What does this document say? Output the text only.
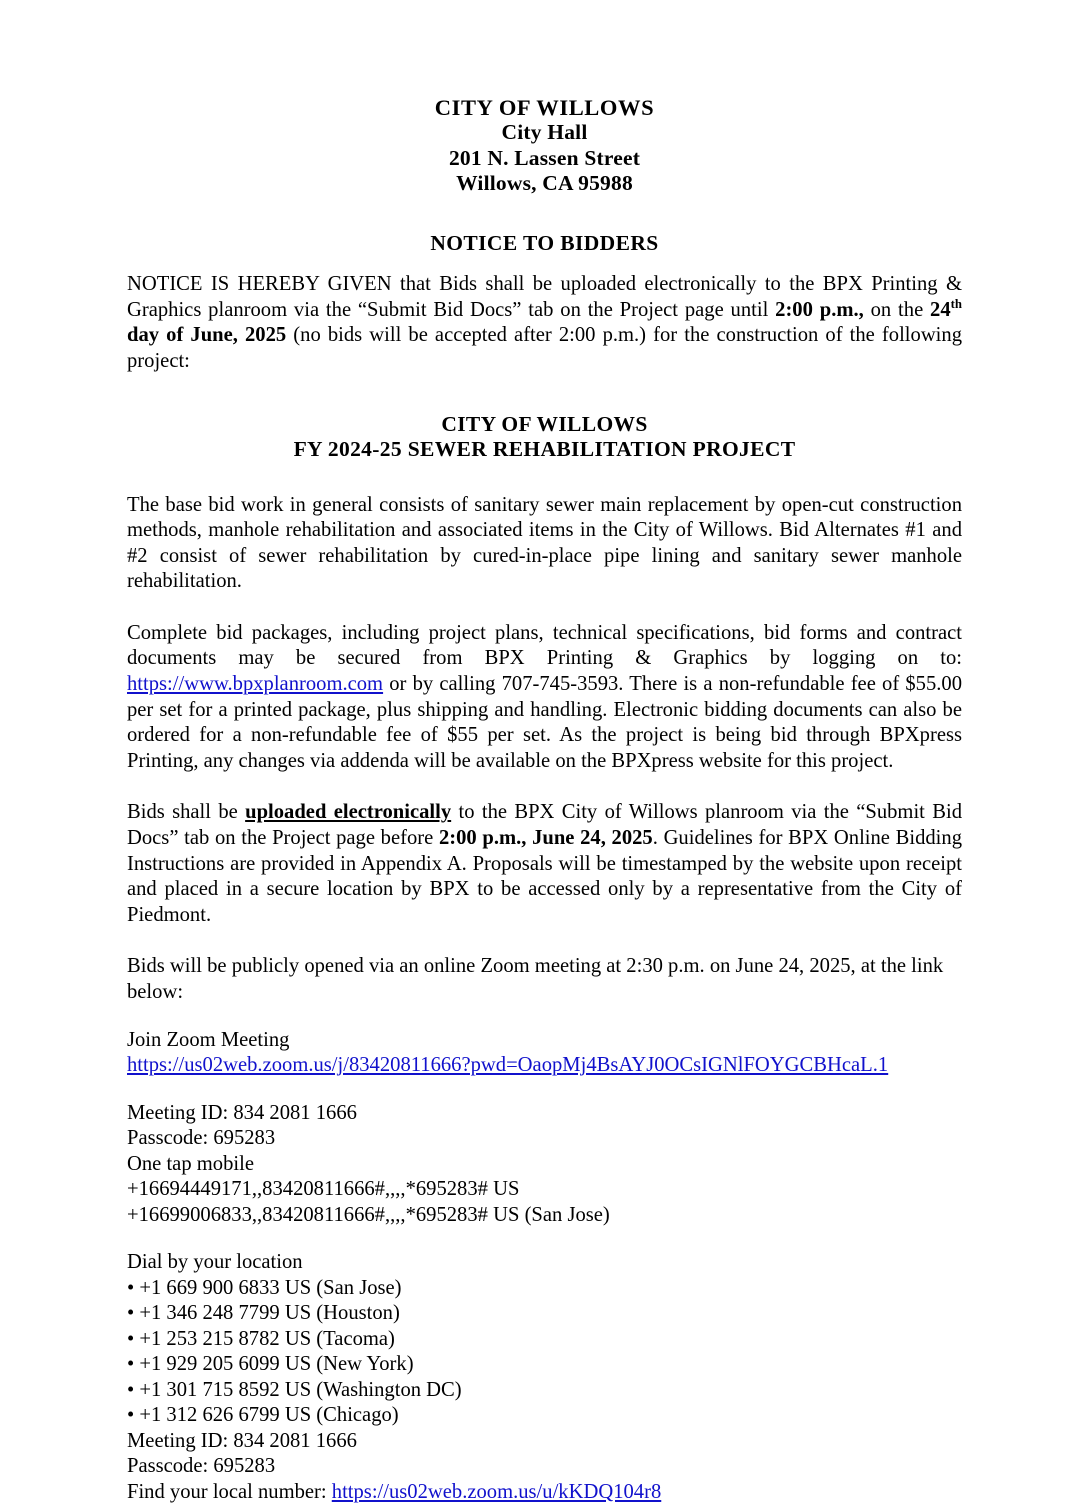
CITY OF WILLOWS
City Hall
201 N. Lassen Street
Willows, CA 95988
NOTICE TO BIDDERS

NOTICE IS HEREBY GIVEN that Bids shall be uploaded electronically to the BPX Printing & Graphics planroom via the “Submit Bid Docs” tab on the Project page until 2:00 p.m., on the 24th day of June, 2025 (no bids will be accepted after 2:00 p.m.) for the construction of the following project:

CITY OF WILLOWS
FY 2024-25 SEWER REHABILITATION PROJECT

The base bid work in general consists of sanitary sewer main replacement by open-cut construction methods, manhole rehabilitation and associated items in the City of Willows. Bid Alternates #1 and #2 consist of sewer rehabilitation by cured-in-place pipe lining and sanitary sewer manhole rehabilitation.

Complete bid packages, including project plans, technical specifications, bid forms and contract documents may be secured from BPX Printing & Graphics by logging on to: https://www.bpxplanroom.com or by calling 707-745-3593. There is a non-refundable fee of $55.00 per set for a printed package, plus shipping and handling. Electronic bidding documents can also be ordered for a non-refundable fee of $55 per set. As the project is being bid through BPXpress Printing, any changes via addenda will be available on the BPXpress website for this project.

Bids shall be uploaded electronically to the BPX City of Willows planroom via the “Submit Bid Docs” tab on the Project page before 2:00 p.m., June 24, 2025. Guidelines for BPX Online Bidding Instructions are provided in Appendix A. Proposals will be timestamped by the website upon receipt and placed in a secure location by BPX to be accessed only by a representative from the City of Piedmont.

Bids will be publicly opened via an online Zoom meeting at 2:30 p.m. on June 24, 2025, at the link below:

Join Zoom Meeting
https://us02web.zoom.us/j/83420811666?pwd=OaopMj4BsAYJ0OCsIGNlFOYGCBHcaL.1
Meeting ID: 834 2081 1666
Passcode: 695283
One tap mobile
+16694449171,,83420811666#,,,,*695283# US
+16699006833,,83420811666#,,,,*695283# US (San Jose)
Dial by your location
• +1 669 900 6833 US (San Jose)
• +1 346 248 7799 US (Houston)
• +1 253 215 8782 US (Tacoma)
• +1 929 205 6099 US (New York)
• +1 301 715 8592 US (Washington DC)
• +1 312 626 6799 US (Chicago)
Meeting ID: 834 2081 1666
Passcode: 695283
Find your local number: https://us02web.zoom.us/u/kKDQ104r8
